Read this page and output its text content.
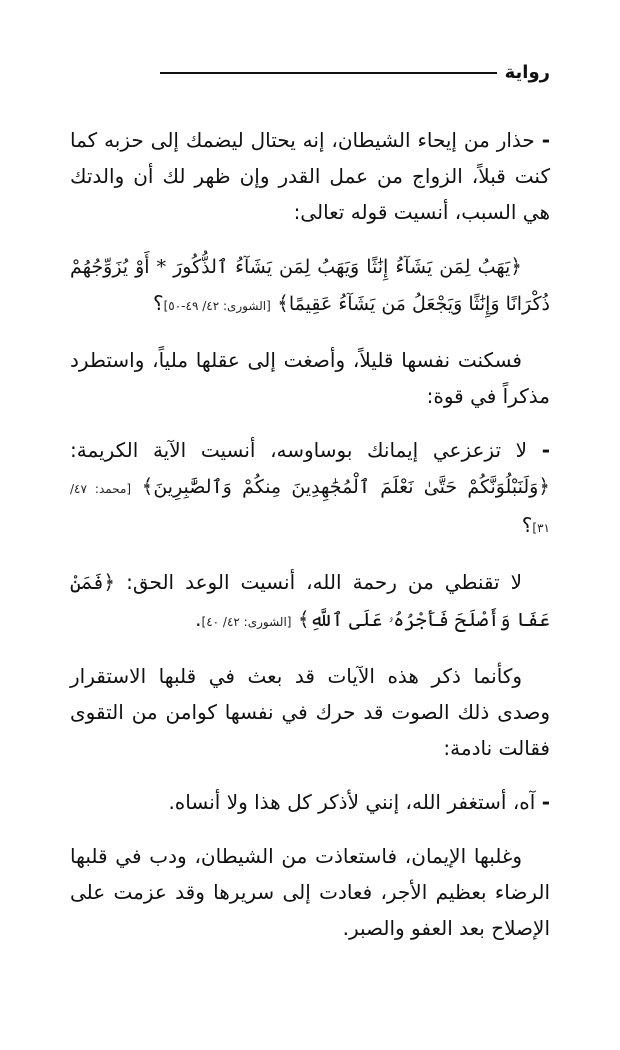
رواية

- حذار من إيحاء الشيطان، إنه يحتال ليضمك إلى حزبه كما كنت قبلاً، الزواج من عمل القدر وإن ظهر لك أن والدتك هي السبب، أنسيت قوله تعالى:

﴿يَهَبُ لِمَن يَشَآءُ إِنَٰثًا وَيَهَبُ لِمَن يَشَآءُ ٱلذُّكُورَ * أَوْ يُزَوِّجُهُمْ ذُكْرَانًا وَإِنَٰثًا وَيَجْعَلُ مَن يَشَآءُ عَقِيمًا﴾ [الشورى: ٤٢/ ٤٩-٥٠]؟

فسكنت نفسها قليلاً، وأصغت إلى عقلها ملياً، واستطرد مذكراً في قوة:

- لا تزعزعي إيمانك بوساوسه، أنسيت الآية الكريمة: ﴿وَلَنَبْلُوَنَّكُمْ حَتَّىٰ نَعْلَمَ ٱلْمُجَٰهِدِينَ مِنكُمْ وَٱلصَّٰبِرِينَ﴾ [محمد: ٤٧/ ٣١]؟

لا تقنطي من رحمة الله، أنسيت الوعد الحق: ﴿فَمَنْ عَفَا وَأَصْلَحَ فَأَجْرُهُۥ عَلَى ٱللَّهِ﴾ [الشورى: ٤٢/ ٤٠].

وكأنما ذكر هذه الآيات قد بعث في قلبها الاستقرار وصدى ذلك الصوت قد حرك في نفسها كوامن من التقوى فقالت نادمة:

- آه، أستغفر الله، إنني لأذكر كل هذا ولا أنساه.

وغلبها الإيمان، فاستعاذت من الشيطان، ودب في قلبها الرضاء بعظيم الأجر، فعادت إلى سريرها وقد عزمت على الإصلاح بعد العفو والصبر.
